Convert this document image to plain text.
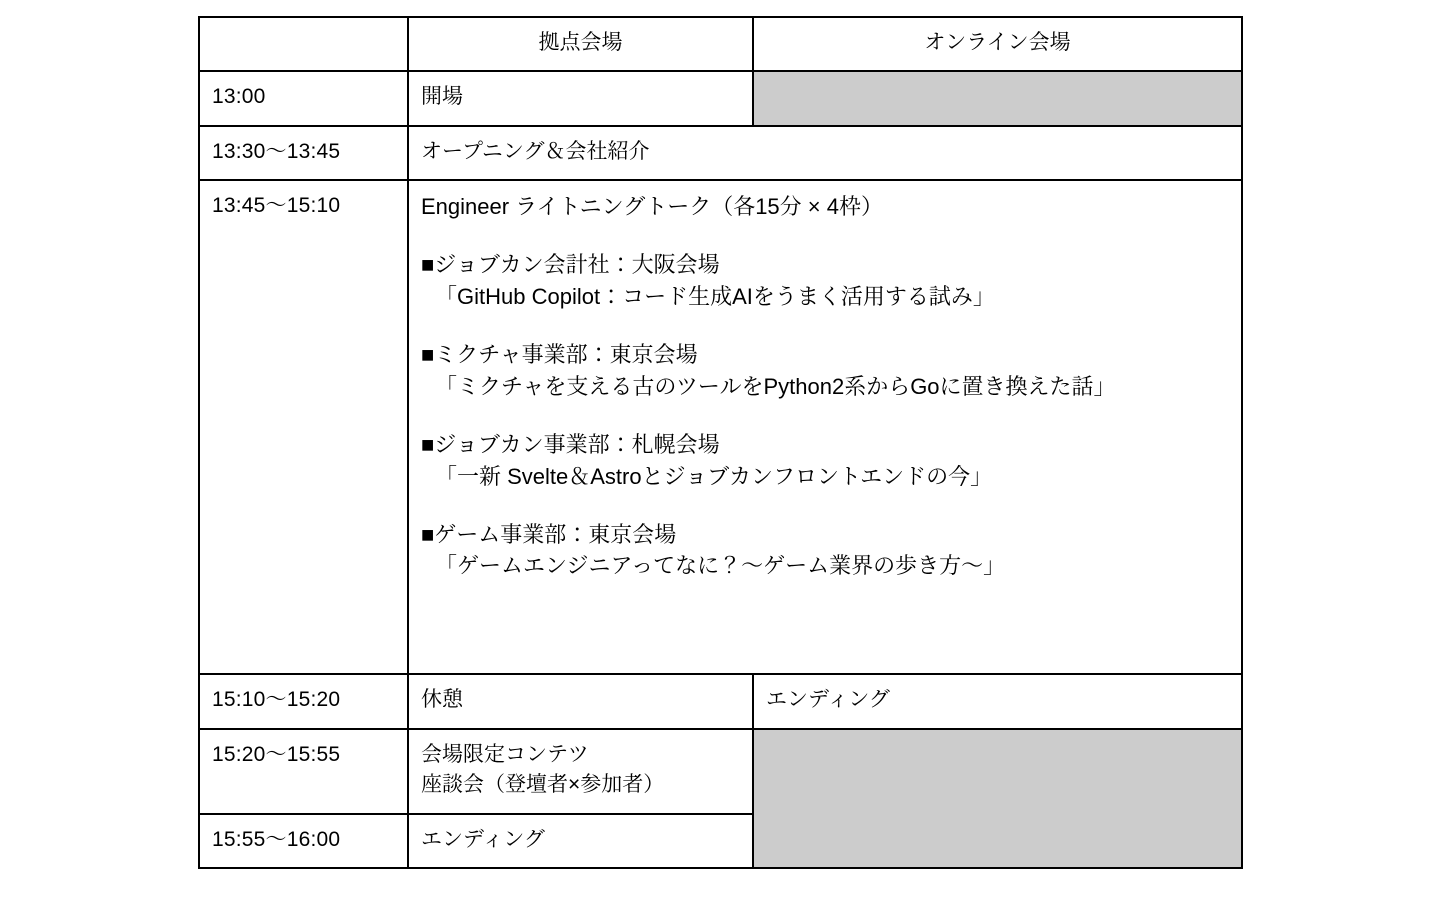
	拠点会場	オンライン会場
13:00	開場	
13:30〜13:45	オープニング＆会社紹介	
13:45〜15:10	Engineer ライトニングトーク（各15分 × 4枠）
■ジョブカン会計社：大阪会場
「GitHub Copilot：コード生成AIをうまく活用する試み」
■ミクチャ事業部：東京会場
「ミクチャを支える古のツールをPython2系からGoに置き換えた話」
■ジョブカン事業部：札幌会場
「一新 Svelte＆Astroとジョブカンフロントエンドの今」
■ゲーム事業部：東京会場
「ゲームエンジニアってなに？〜ゲーム業界の歩き方〜」

15:10〜15:20	休憩	エンディング
15:20〜15:55	会場限定コンテツ
座談会（登壇者×参加者）	

15:55〜16:00	エンディング	
